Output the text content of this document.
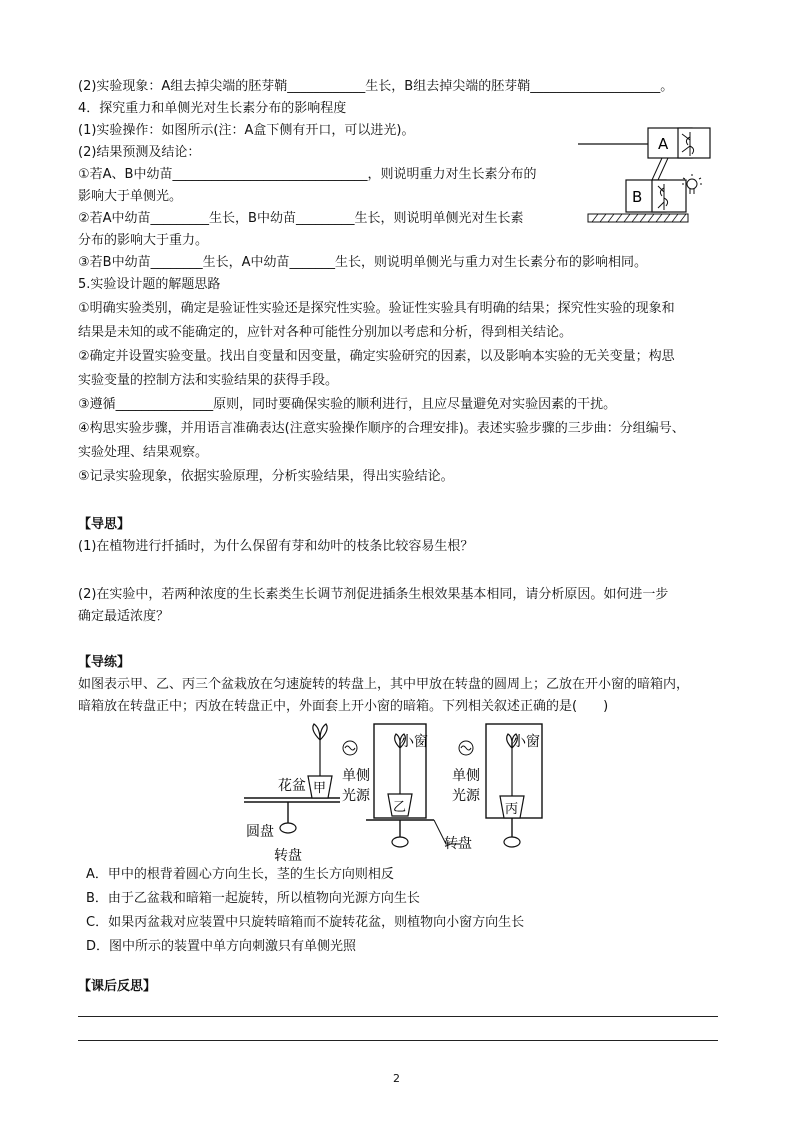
(2)实验现象：A组去掉尖端的胚芽鞘____________生长，B组去掉尖端的胚芽鞘____________________。
4．探究重力和单侧光对生长素分布的影响程度
(1)实验操作：如图所示(注：A盒下侧有开口，可以进光)。
(2)结果预测及结论：
①若A、B中幼苗______________________________，则说明重力对生长素分布的
影响大于单侧光。
②若A中幼苗_________生长，B中幼苗_________生长，则说明单侧光对生长素
分布的影响大于重力。
③若B中幼苗________生长，A中幼苗_______生长，则说明单侧光与重力对生长素分布的影响相同。
5.实验设计题的解题思路
①明确实验类别，确定是验证性实验还是探究性实验。验证性实验具有明确的结果；探究性实验的现象和
结果是未知的或不能确定的，应针对各种可能性分别加以考虑和分析，得到相关结论。
②确定并设置实验变量。找出自变量和因变量，确定实验研究的因素，以及影响本实验的无关变量；构思
实验变量的控制方法和实验结果的获得手段。
③遵循_______________原则，同时要确保实验的顺利进行，且应尽量避免对实验因素的干扰。
④构思实验步骤，并用语言准确表达(注意实验操作顺序的合理安排)。表述实验步骤的三步曲：分组编号、
实验处理、结果观察。
⑤记录实验现象，依据实验原理，分析实验结果，得出实验结论。
【导思】
(1)在植物进行扦插时，为什么保留有芽和幼叶的枝条比较容易生根？
(2)在实验中，若两种浓度的生长素类生长调节剂促进插条生根效果基本相同，请分析原因。如何进一步
确定最适浓度？
【导练】
如图表示甲、乙、丙三个盆栽放在匀速旋转的转盘上，其中甲放在转盘的圆周上；乙放在开小窗的暗箱内，
暗箱放在转盘正中；丙放在转盘正中，外面套上开小窗的暗箱。下列相关叙述正确的是(　　)
A．甲中的根背着圆心方向生长，茎的生长方向则相反
B．由于乙盆栽和暗箱一起旋转，所以植物向光源方向生长
C．如果丙盆栽对应装置中只旋转暗箱而不旋转花盆，则植物向小窗方向生长
D．图中所示的装置中单方向刺激只有单侧光照
【课后反思】
2
A
B
花盆 甲
圆盘
转盘
单 侧
光 源
小窗
乙
转盘
单 侧
光 源
小窗
丙
